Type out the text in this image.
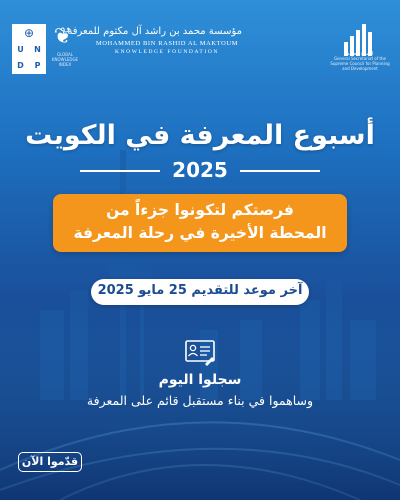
⊕
U ND P
❦
GLOBAL KNOWLEDGE INDEX
مؤسسة محمد بن راشد آل مكتوم للمعرفة
MOHAMMED BIN RASHID AL MAKTOUM
KNOWLEDGE FOUNDATION	الأمانة العامة
General Secretariat of the Supreme Council for Planning and Development
أسبوع المعرفة في الكويت
2025
فرصتكم لتكونوا جزءاً من
المحطة الأخيرة في رحلة المعرفة
آخر موعد للتقديم 25 مايو 2025
سجلوا اليوم
وساهموا في بناء مستقبل قائم على المعرفة
قدّموا الآن
